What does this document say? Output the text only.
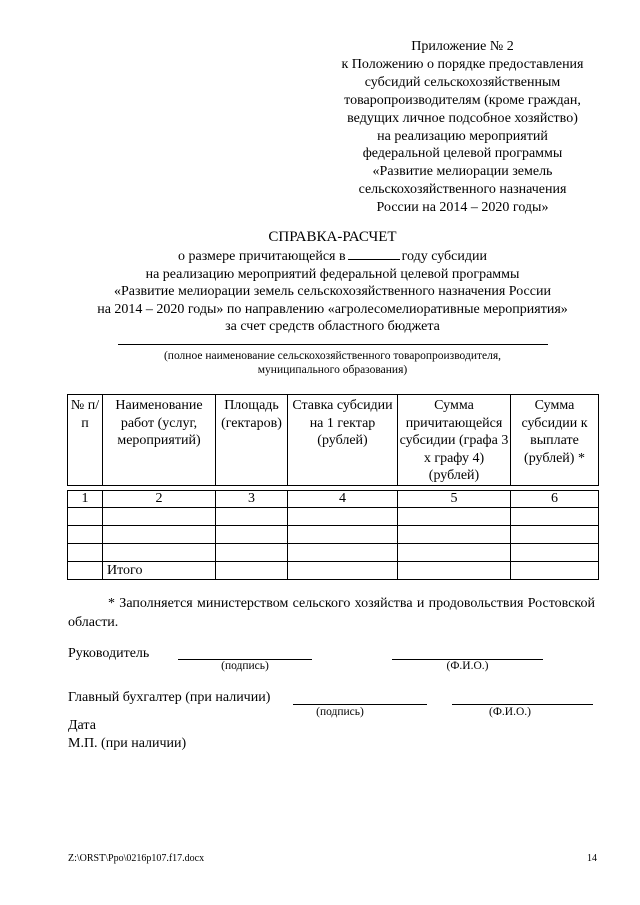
Приложение № 2
к Положению о порядке предоставления
субсидий сельскохозяйственным
товаропроизводителям (кроме граждан,
ведущих личное подсобное хозяйство)
на реализацию мероприятий
федеральной целевой программы
«Развитие мелиорации земель
сельскохозяйственного назначения
России на 2014 – 2020 годы»
СПРАВКА-РАСЧЕТ
о размере причитающейся в	году субсидии
на реализацию мероприятий федеральной целевой программы
«Развитие мелиорации земель сельскохозяйственного назначения России
на 2014 – 2020 годы» по направлению «агролесомелиоративные мероприятия»
за счет средств областного бюджета
(полное наименование сельскохозяйственного товаропроизводителя,
муниципального образования)
№ п/п	Наименование работ (услуг, мероприятий)	Площадь (гектаров)	Ставка субсидии на 1 гектар (рублей)	Сумма причитающейся субсидии (графа 3 х графу 4) (рублей)	Сумма субсидии к выплате (рублей) *

1	2	3	4	5	6

	Итого				
* Заполняется министерством сельского хозяйства и продовольствия Ростовской области.
Руководитель
(подпись)	(Ф.И.О.)
Главный бухгалтер (при наличии)
(подпись)	(Ф.И.О.)
Дата
М.П. (при наличии)
Z:\ORST\Ppo\0216p107.f17.docx	14
